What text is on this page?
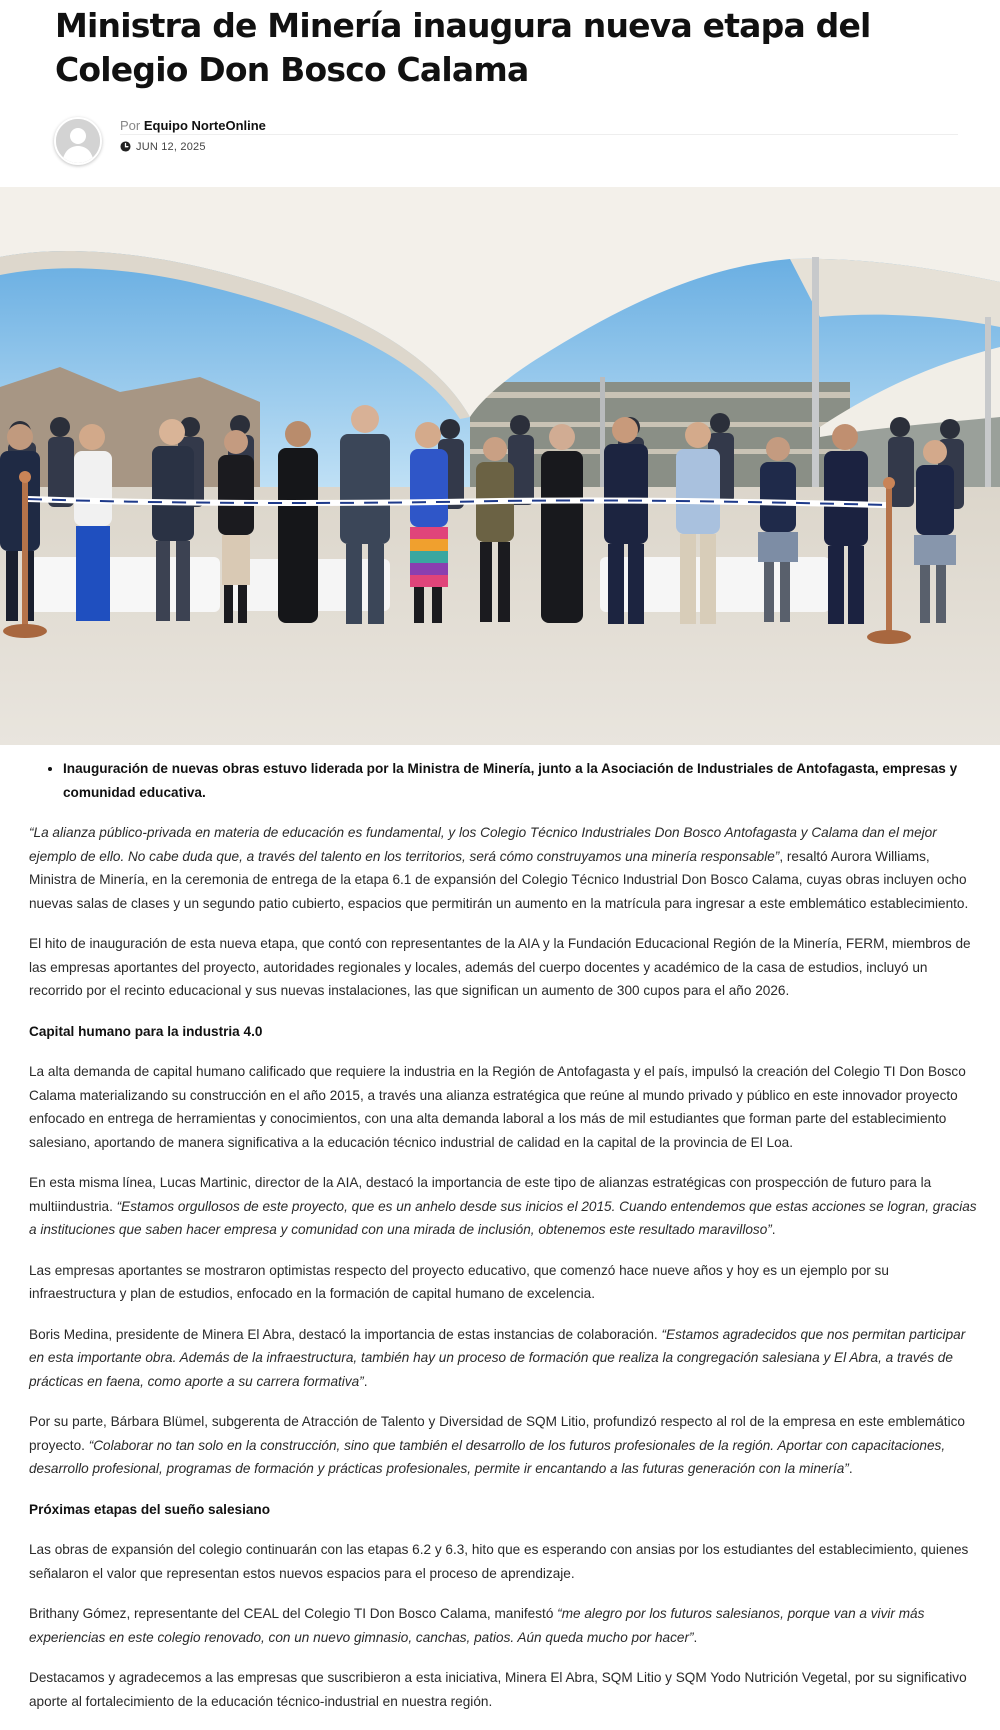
Ministra de Minería inaugura nueva etapa del Colegio Don Bosco Calama
Por Equipo NorteOnline
JUN 12, 2025
• Inauguración de nuevas obras estuvo liderada por la Ministra de Minería, junto a la Asociación de Industriales de Antofagasta, empresas y comunidad educativa.

“La alianza público-privada en materia de educación es fundamental, y los Colegio Técnico Industriales Don Bosco Antofagasta y Calama dan el mejor ejemplo de ello. No cabe duda que, a través del talento en los territorios, será cómo construyamos una minería responsable”, resaltó Aurora Williams, Ministra de Minería, en la ceremonia de entrega de la etapa 6.1 de expansión del Colegio Técnico Industrial Don Bosco Calama, cuyas obras incluyen ocho nuevas salas de clases y un segundo patio cubierto, espacios que permitirán un aumento en la matrícula para ingresar a este emblemático establecimiento.

El hito de inauguración de esta nueva etapa, que contó con representantes de la AIA y la Fundación Educacional Región de la Minería, FERM, miembros de las empresas aportantes del proyecto, autoridades regionales y locales, además del cuerpo docentes y académico de la casa de estudios, incluyó un recorrido por el recinto educacional y sus nuevas instalaciones, las que significan un aumento de 300 cupos para el año 2026.

Capital humano para la industria 4.0

La alta demanda de capital humano calificado que requiere la industria en la Región de Antofagasta y el país, impulsó la creación del Colegio TI Don Bosco Calama materializando su construcción en el año 2015, a través una alianza estratégica que reúne al mundo privado y público en este innovador proyecto enfocado en entrega de herramientas y conocimientos, con una alta demanda laboral a los más de mil estudiantes que forman parte del establecimiento salesiano, aportando de manera significativa a la educación técnico industrial de calidad en la capital de la provincia de El Loa.

En esta misma línea, Lucas Martinic, director de la AIA, destacó la importancia de este tipo de alianzas estratégicas con prospección de futuro para la multiindustria. “Estamos orgullosos de este proyecto, que es un anhelo desde sus inicios el 2015. Cuando entendemos que estas acciones se logran, gracias a instituciones que saben hacer empresa y comunidad con una mirada de inclusión, obtenemos este resultado maravilloso”.

Las empresas aportantes se mostraron optimistas respecto del proyecto educativo, que comenzó hace nueve años y hoy es un ejemplo por su infraestructura y plan de estudios, enfocado en la formación de capital humano de excelencia.

Boris Medina, presidente de Minera El Abra, destacó la importancia de estas instancias de colaboración. “Estamos agradecidos que nos permitan participar en esta importante obra. Además de la infraestructura, también hay un proceso de formación que realiza la congregación salesiana y El Abra, a través de prácticas en faena, como aporte a su carrera formativa”.

Por su parte, Bárbara Blümel, subgerenta de Atracción de Talento y Diversidad de SQM Litio, profundizó respecto al rol de la empresa en este emblemático proyecto. “Colaborar no tan solo en la construcción, sino que también el desarrollo de los futuros profesionales de la región. Aportar con capacitaciones, desarrollo profesional, programas de formación y prácticas profesionales, permite ir encantando a las futuras generación con la minería”.

Próximas etapas del sueño salesiano

Las obras de expansión del colegio continuarán con las etapas 6.2 y 6.3, hito que es esperando con ansias por los estudiantes del establecimiento, quienes señalaron el valor que representan estos nuevos espacios para el proceso de aprendizaje.

Brithany Gómez, representante del CEAL del Colegio TI Don Bosco Calama, manifestó “me alegro por los futuros salesianos, porque van a vivir más experiencias en este colegio renovado, con un nuevo gimnasio, canchas, patios. Aún queda mucho por hacer”.

Destacamos y agradecemos a las empresas que suscribieron a esta iniciativa, Minera El Abra, SQM Litio y SQM Yodo Nutrición Vegetal, por su significativo aporte al fortalecimiento de la educación técnico-industrial en nuestra región.
